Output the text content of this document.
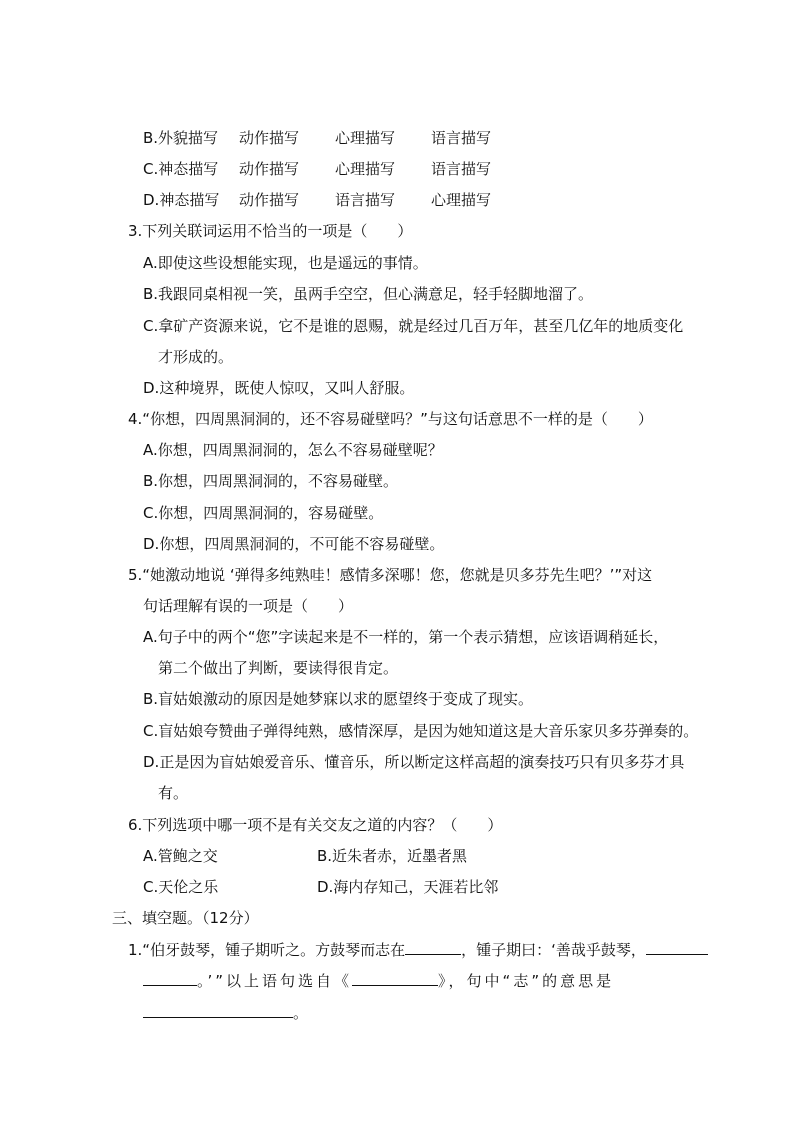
B.外貌描写 动作描写 心理描写 语言描写
C.神态描写 动作描写 心理描写 语言描写
D.神态描写 动作描写 语言描写 心理描写
3.下列关联词运用不恰当的一项是（　　）
A.即使这些设想能实现，也是遥远的事情。
B.我跟同桌相视一笑，虽两手空空，但心满意足，轻手轻脚地溜了。
C.拿矿产资源来说，它不是谁的恩赐，就是经过几百万年，甚至几亿年的地质变化
才形成的。
D.这种境界，既使人惊叹，又叫人舒服。
4.“你想，四周黑洞洞的，还不容易碰壁吗？”与这句话意思不一样的是（　　）
A.你想，四周黑洞洞的，怎么不容易碰壁呢？
B.你想，四周黑洞洞的，不容易碰壁。
C.你想，四周黑洞洞的，容易碰壁。
D.你想，四周黑洞洞的，不可能不容易碰壁。
5.“她激动地说 ‘弹得多纯熟哇！感情多深哪！您，您就是贝多芬先生吧？’”对这
句话理解有误的一项是（　　）
A.句子中的两个“您”字读起来是不一样的，第一个表示猜想，应该语调稍延长，
第二个做出了判断，要读得很肯定。
B.盲姑娘激动的原因是她梦寐以求的愿望终于变成了现实。
C.盲姑娘夸赞曲子弹得纯熟，感情深厚，是因为她知道这是大音乐家贝多芬弹奏的。
D.正是因为盲姑娘爱音乐、懂音乐，所以断定这样高超的演奏技巧只有贝多芬才具
有。
6.下列选项中哪一项不是有关交友之道的内容？（　　）
A.管鲍之交	B.近朱者赤，近墨者黑
C.天伦之乐	D.海内存知己，天涯若比邻
三、填空题。（12分）
1.“伯牙鼓琴，锺子期听之。方鼓琴而志在	，锺子期曰：‘善哉乎鼓琴，
。’”以上语句选自《	》，句中“志”的意思是
。
